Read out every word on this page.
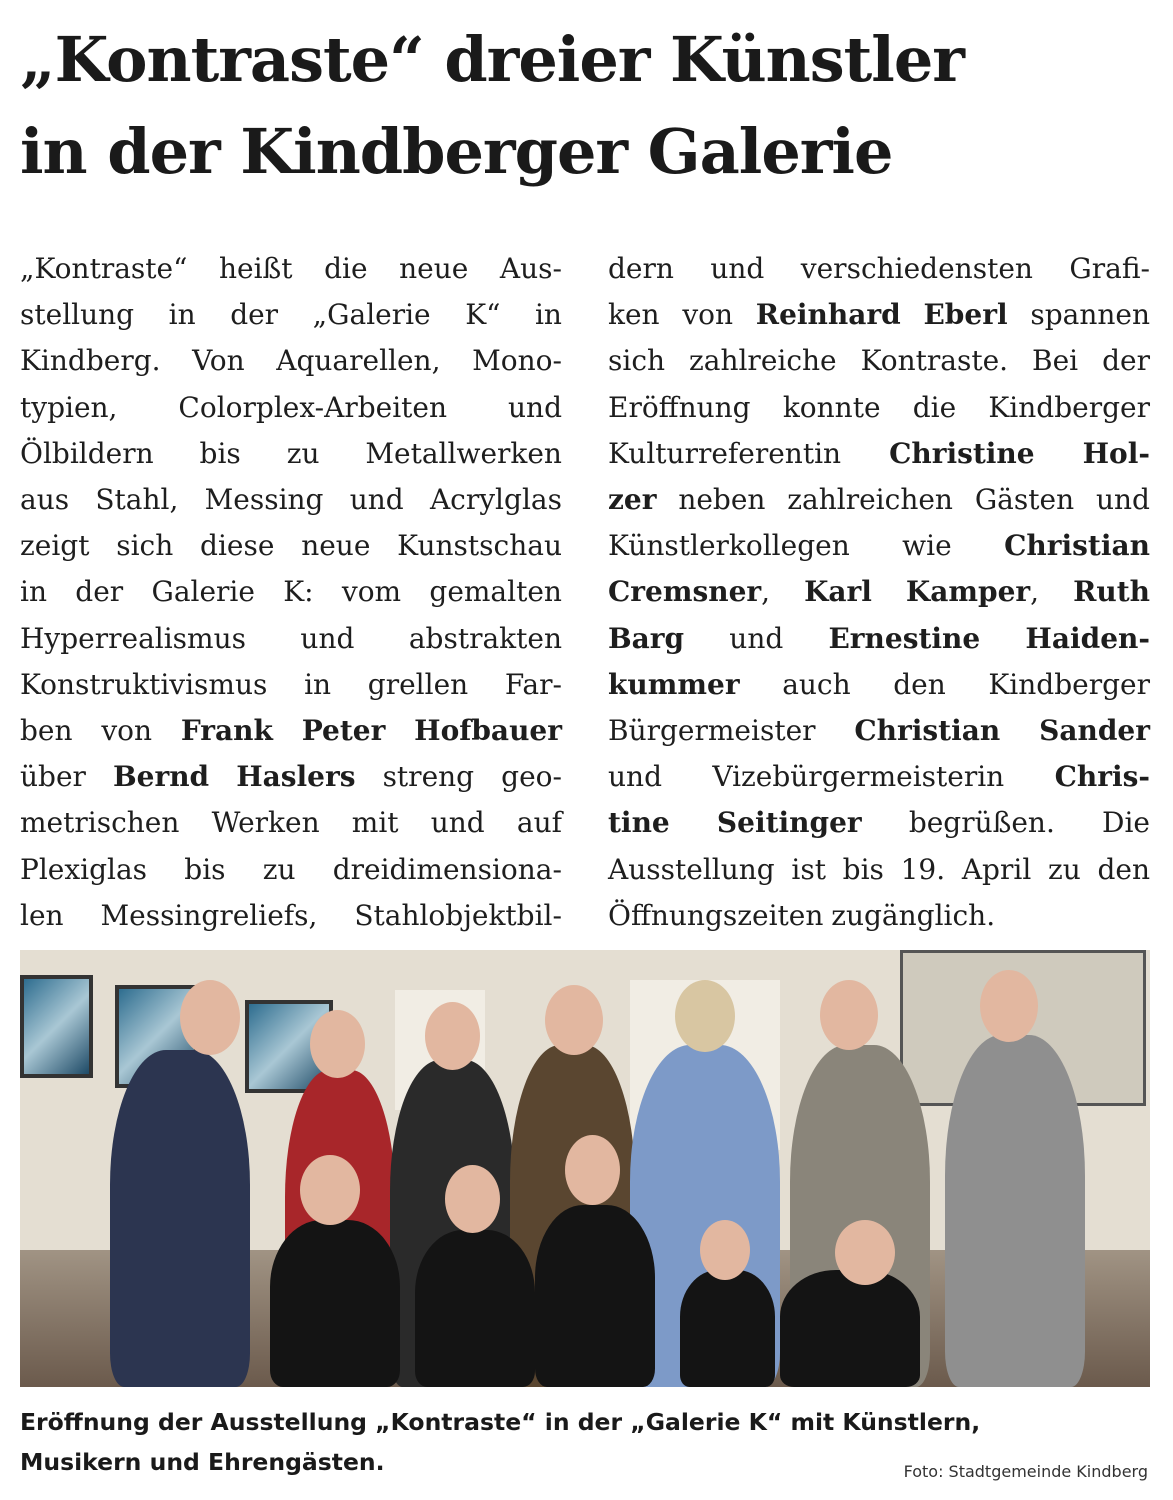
„Kontraste“ dreier Künstler
in der Kindberger Galerie
„Kontraste“ heißt die neue Aus-
stellung in der „Galerie K“ in
Kindberg. Von Aquarellen, Mono-
typien, Colorplex-Arbeiten und
Ölbildern bis zu Metallwerken
aus Stahl, Messing und Acrylglas
zeigt sich diese neue Kunstschau
in der Galerie K: vom gemalten
Hyperrealismus und abstrakten
Konstruktivismus in grellen Far-
ben von Frank Peter Hofbauer
über Bernd Haslers streng geo-
metrischen Werken mit und auf
Plexiglas bis zu dreidimensiona-
len Messingreliefs, Stahlobjektbil-
dern und verschiedensten Grafi-
ken von Reinhard Eberl spannen
sich zahlreiche Kontraste. Bei der
Eröffnung konnte die Kindberger
Kulturreferentin Christine Hol-
zer neben zahlreichen Gästen und
Künstlerkollegen wie Christian
Cremsner, Karl Kamper, Ruth
Barg und Ernestine Haiden-
kummer auch den Kindberger
Bürgermeister Christian Sander
und Vizebürgermeisterin Chris-
tine Seitinger begrüßen. Die
Ausstellung ist bis 19. April zu den
Öffnungszeiten zugänglich.
Eröffnung der Ausstellung „Kontraste“ in der „Galerie K“ mit Künstlern,
Musikern und Ehrengästen.	Foto: Stadtgemeinde Kindberg
